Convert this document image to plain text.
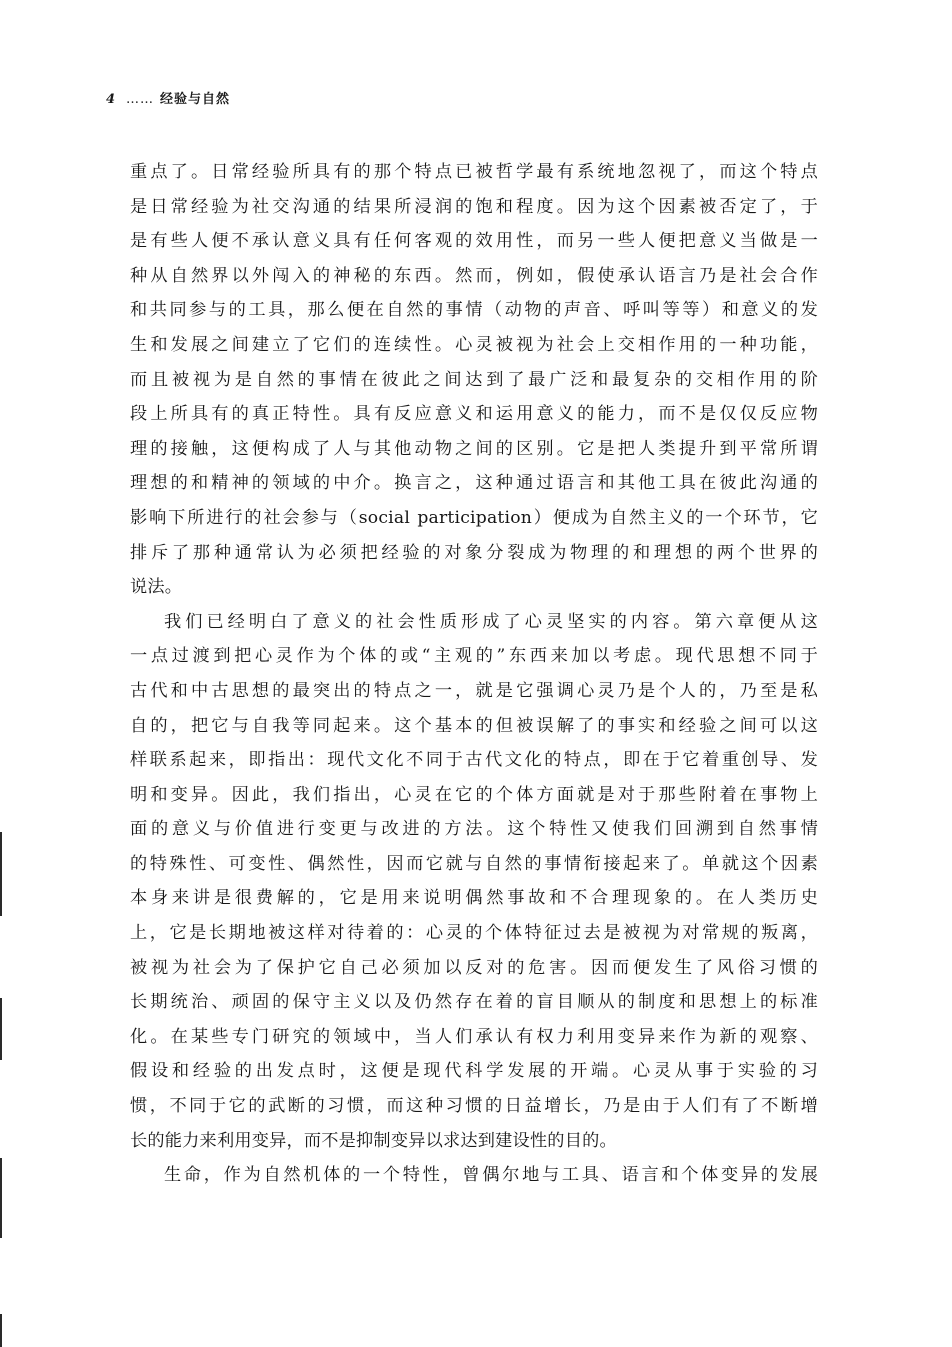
4 …… 经验与自然
重点了。日常经验所具有的那个特点已被哲学最有系统地忽视了，而这个特点
是日常经验为社交沟通的结果所浸润的饱和程度。因为这个因素被否定了，于
是有些人便不承认意义具有任何客观的效用性，而另一些人便把意义当做是一
种从自然界以外闯入的神秘的东西。然而，例如，假使承认语言乃是社会合作
和共同参与的工具，那么便在自然的事情（动物的声音、呼叫等等）和意义的发
生和发展之间建立了它们的连续性。心灵被视为社会上交相作用的一种功能，
而且被视为是自然的事情在彼此之间达到了最广泛和最复杂的交相作用的阶
段上所具有的真正特性。具有反应意义和运用意义的能力，而不是仅仅反应物
理的接触，这便构成了人与其他动物之间的区别。它是把人类提升到平常所谓
理想的和精神的领域的中介。换言之，这种通过语言和其他工具在彼此沟通的
影响下所进行的社会参与（social participation）便成为自然主义的一个环节，它
排斥了那种通常认为必须把经验的对象分裂成为物理的和理想的两个世界的
说法。
我们已经明白了意义的社会性质形成了心灵坚实的内容。第六章便从这
一点过渡到把心灵作为个体的或“主观的”东西来加以考虑。现代思想不同于
古代和中古思想的最突出的特点之一，就是它强调心灵乃是个人的，乃至是私
自的，把它与自我等同起来。这个基本的但被误解了的事实和经验之间可以这
样联系起来，即指出：现代文化不同于古代文化的特点，即在于它着重创导、发
明和变异。因此，我们指出，心灵在它的个体方面就是对于那些附着在事物上
面的意义与价值进行变更与改进的方法。这个特性又使我们回溯到自然事情
的特殊性、可变性、偶然性，因而它就与自然的事情衔接起来了。单就这个因素
本身来讲是很费解的，它是用来说明偶然事故和不合理现象的。在人类历史
上，它是长期地被这样对待着的：心灵的个体特征过去是被视为对常规的叛离，
被视为社会为了保护它自己必须加以反对的危害。因而便发生了风俗习惯的
长期统治、顽固的保守主义以及仍然存在着的盲目顺从的制度和思想上的标准
化。在某些专门研究的领域中，当人们承认有权力利用变异来作为新的观察、
假设和经验的出发点时，这便是现代科学发展的开端。心灵从事于实验的习
惯，不同于它的武断的习惯，而这种习惯的日益增长，乃是由于人们有了不断增
长的能力来利用变异，而不是抑制变异以求达到建设性的目的。
生命，作为自然机体的一个特性，曾偶尔地与工具、语言和个体变异的发展
